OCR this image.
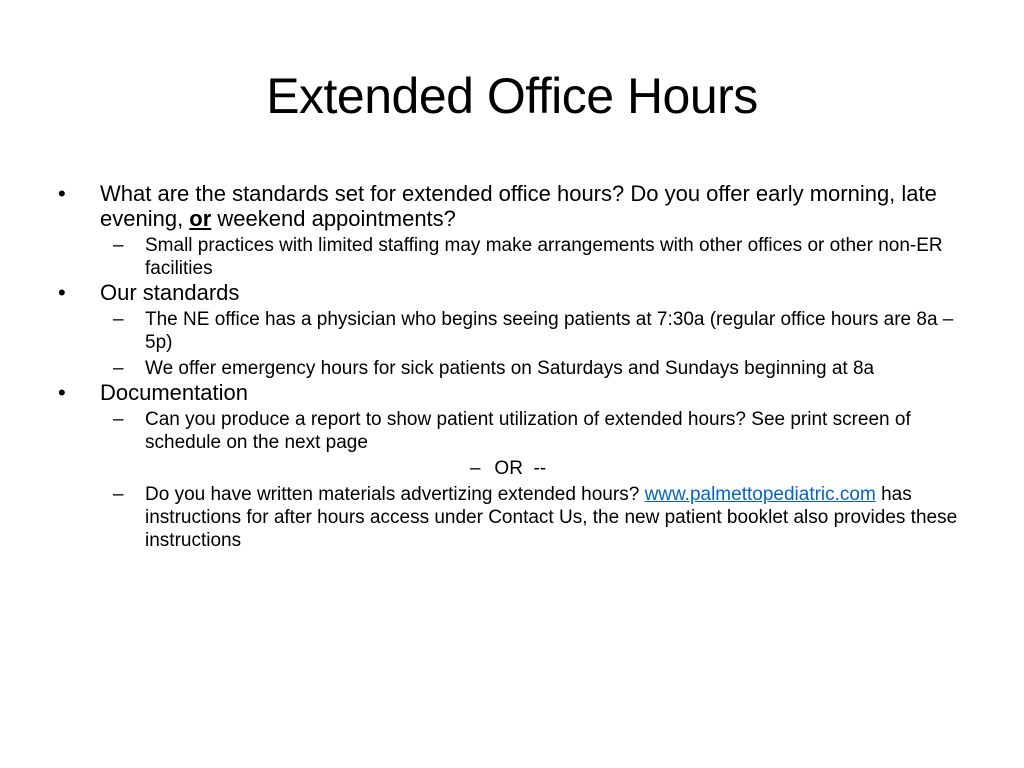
Extended Office Hours
•	What are the standards set for extended office hours? Do you offer early morning, late evening, or weekend appointments?
– Small practices with limited staffing may make arrangements with other offices or other non-ER facilities
•	Our standards
– The NE office has a physician who begins seeing patients at 7:30a (regular office hours are 8a – 5p)
– We offer emergency hours for sick patients on Saturdays and Sundays beginning at 8a
•	Documentation
– Can you produce a report to show patient utilization of extended hours? See print screen of schedule on the next page
– OR  --
– Do you have written materials advertizing extended hours? www.palmettopediatric.com has instructions for after hours access under Contact Us, the new patient booklet also provides these instructions
